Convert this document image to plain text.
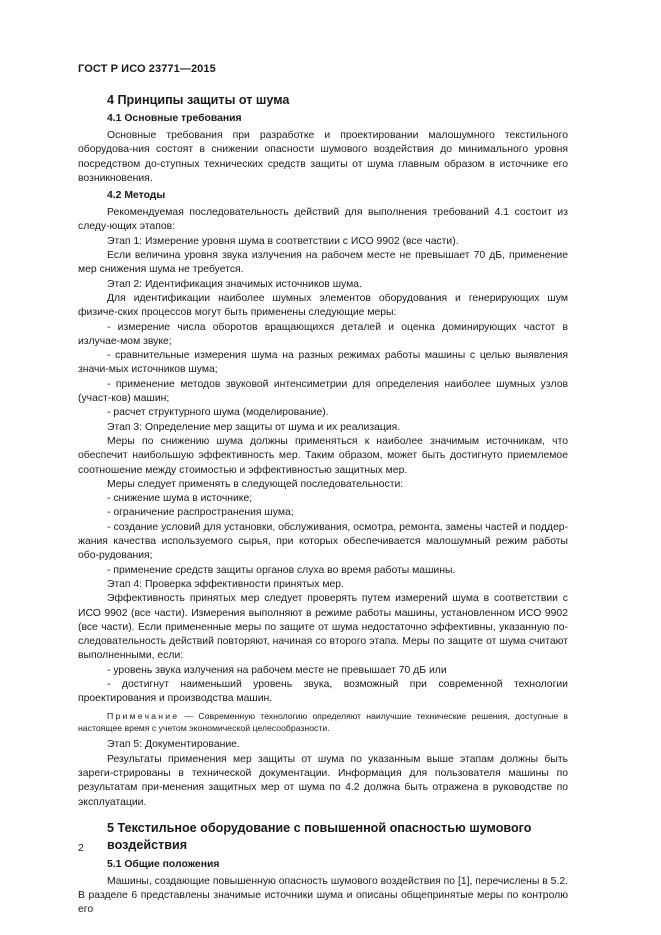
ГОСТ Р ИСО 23771—2015
4 Принципы защиты от шума
4.1 Основные требования

Основные требования при разработке и проектировании малошумного текстильного оборудова-ния состоят в снижении опасности шумового воздействия до минимального уровня посредством до-ступных технических средств защиты от шума главным образом в источнике его возникновения.

4.2 Методы

Рекомендуемая последовательность действий для выполнения требований 4.1 состоит из следу-ющих этапов:

Этап 1: Измерение уровня шума в соответствии с ИСО 9902 (все части).

Если величина уровня звука излучения на рабочем месте не превышает 70 дБ, применение мер снижения шума не требуется.

Этап 2: Идентификация значимых источников шума.

Для идентификации наиболее шумных элементов оборудования и генерирующих шум физиче-ских процессов могут быть применены следующие меры:

- измерение числа оборотов вращающихся деталей и оценка доминирующих частот в излучае-мом звуке;

- сравнительные измерения шума на разных режимах работы машины с целью выявления значи-мых источников шума;

- применение методов звуковой интенсиметрии для определения наиболее шумных узлов (участ-ков) машин;

- расчет структурного шума (моделирование).

Этап 3: Определение мер защиты от шума и их реализация.

Меры по снижению шума должны применяться к наиболее значимым источникам, что обеспечит наибольшую эффективность мер. Таким образом, может быть достигнуто приемлемое соотношение между стоимостью и эффективностью защитных мер.

Меры следует применять в следующей последовательности:

- снижение шума в источнике;

- ограничение распространения шума;

- создание условий для установки, обслуживания, осмотра, ремонта, замены частей и поддер-жания качества используемого сырья, при которых обеспечивается малошумный режим работы обо-рудования;

- применение средств защиты органов слуха во время работы машины.

Этап 4: Проверка эффективности принятых мер.

Эффективность принятых мер следует проверять путем измерений шума в соответствии с ИСО 9902 (все части). Измерения выполняют в режиме работы машины, установленном ИСО 9902 (все части). Если примененные меры по защите от шума недостаточно эффективны, указанную по-следовательность действий повторяют, начиная со второго этапа. Меры по защите от шума считают выполненными, если:

- уровень звука излучения на рабочем месте не превышает 70 дБ или

- достигнут наименьший уровень звука, возможный при современной технологии проектирования и производства машин.

Примечание — Современную технологию определяют наилучшие технические решения, доступные в настоящее время с учетом экономической целесообразности.

Этап 5: Документирование.

Результаты применения мер защиты от шума по указанным выше этапам должны быть зареги-стрированы в технической документации. Информация для пользователя машины по результатам при-менения защитных мер от шума по 4.2 должна быть отражена в руководстве по эксплуатации.

5 Текстильное оборудование с повышенной опасностью шумового
воздействия
5.1 Общие положения

Машины, создающие повышенную опасность шумового воздействия по [1], перечислены в 5.2. В разделе 6 представлены значимые источники шума и описаны общепринятые меры по контролю его

2
